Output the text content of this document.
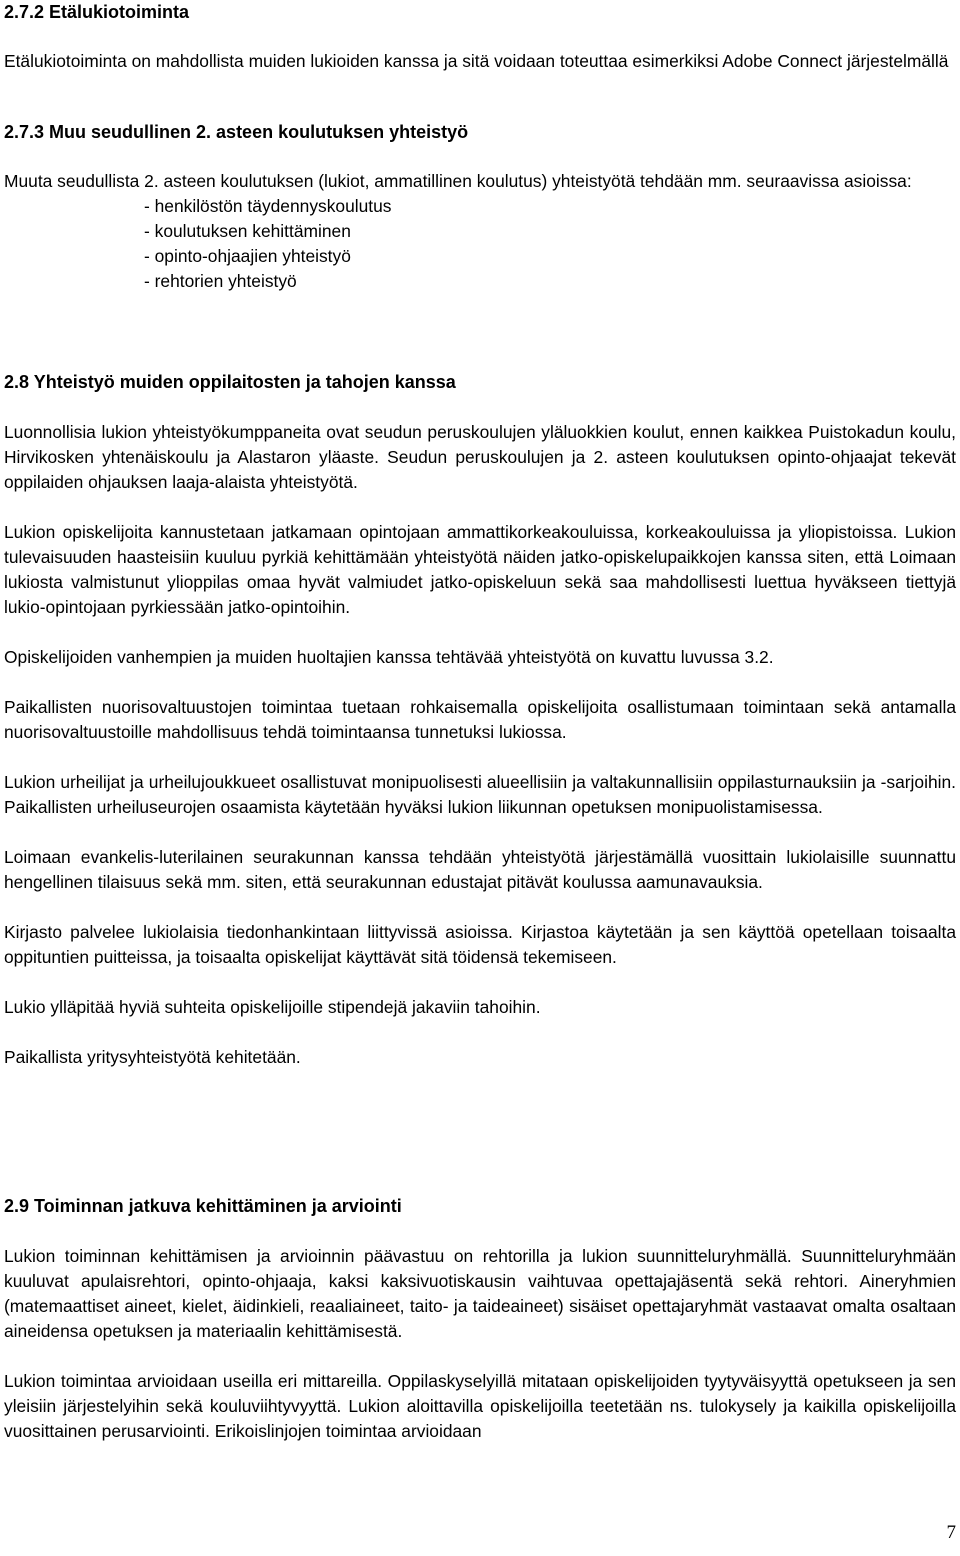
2.7.2 Etälukiotoiminta

Etälukiotoiminta on mahdollista muiden lukioiden kanssa ja sitä voidaan toteuttaa esimerkiksi Adobe Connect järjestelmällä

2.7.3 Muu seudullinen 2. asteen koulutuksen yhteistyö

Muuta seudullista 2. asteen koulutuksen (lukiot, ammatillinen koulutus) yhteistyötä tehdään mm. seuraavissa asioissa:

- henkilöstön täydennyskoulutus

- koulutuksen kehittäminen

- opinto-ohjaajien yhteistyö

- rehtorien yhteistyö

2.8 Yhteistyö muiden oppilaitosten ja tahojen kanssa

Luonnollisia lukion yhteistyökumppaneita ovat seudun peruskoulujen yläluokkien koulut, ennen kaikkea Puistokadun koulu, Hirvikosken yhtenäiskoulu ja Alastaron yläaste. Seudun peruskoulujen ja 2. asteen koulutuksen opinto-ohjaajat tekevät oppilaiden ohjauksen laaja-alaista yhteistyötä.

Lukion opiskelijoita kannustetaan jatkamaan opintojaan ammattikorkeakouluissa, korkeakouluissa ja yliopistoissa. Lukion tulevaisuuden haasteisiin kuuluu pyrkiä kehittämään yhteistyötä näiden jatko-opiskelupaikkojen kanssa siten, että Loimaan lukiosta valmistunut ylioppilas omaa hyvät valmiudet jatko-opiskeluun sekä saa mahdollisesti luettua hyväkseen tiettyjä lukio-opintojaan pyrkiessään jatko-opintoihin.

Opiskelijoiden vanhempien ja muiden huoltajien kanssa tehtävää yhteistyötä on kuvattu luvussa 3.2.

Paikallisten nuorisovaltuustojen toimintaa tuetaan rohkaisemalla opiskelijoita osallistumaan toimintaan sekä antamalla nuorisovaltuustoille mahdollisuus tehdä toimintaansa tunnetuksi lukiossa.

Lukion urheilijat ja urheilujoukkueet osallistuvat monipuolisesti alueellisiin ja valtakunnallisiin oppilasturnauksiin ja -sarjoihin. Paikallisten urheiluseurojen osaamista käytetään hyväksi lukion liikunnan opetuksen monipuolistamisessa.

Loimaan evankelis-luterilainen seurakunnan kanssa tehdään yhteistyötä järjestämällä vuosittain lukiolaisille suunnattu hengellinen tilaisuus sekä mm. siten, että seurakunnan edustajat pitävät koulussa aamunavauksia.

Kirjasto palvelee lukiolaisia tiedonhankintaan liittyvissä asioissa. Kirjastoa käytetään ja sen käyttöä opetellaan toisaalta oppituntien puitteissa, ja toisaalta opiskelijat käyttävät sitä töidensä tekemiseen.

Lukio ylläpitää hyviä suhteita opiskelijoille stipendejä jakaviin tahoihin.

Paikallista yritysyhteistyötä kehitetään.

2.9 Toiminnan jatkuva kehittäminen ja arviointi

Lukion toiminnan kehittämisen ja arvioinnin päävastuu on rehtorilla ja lukion suunnitteluryhmällä. Suunnitteluryhmään kuuluvat apulaisrehtori, opinto-ohjaaja, kaksi kaksivuotiskausin vaihtuvaa opettajajäsentä sekä rehtori. Aineryhmien (matemaattiset aineet, kielet, äidinkieli, reaaliaineet, taito- ja taideaineet) sisäiset opettajaryhmät vastaavat omalta osaltaan aineidensa opetuksen ja materiaalin kehittämisestä.

Lukion toimintaa arvioidaan useilla eri mittareilla. Oppilaskyselyillä mitataan opiskelijoiden tyytyväisyyttä opetukseen ja sen yleisiin järjestelyihin sekä kouluviihtyvyyttä. Lukion aloittavilla opiskelijoilla teetetään ns. tulokysely ja kaikilla opiskelijoilla vuosittainen perusarviointi. Erikoislinjojen toimintaa arvioidaan

7
